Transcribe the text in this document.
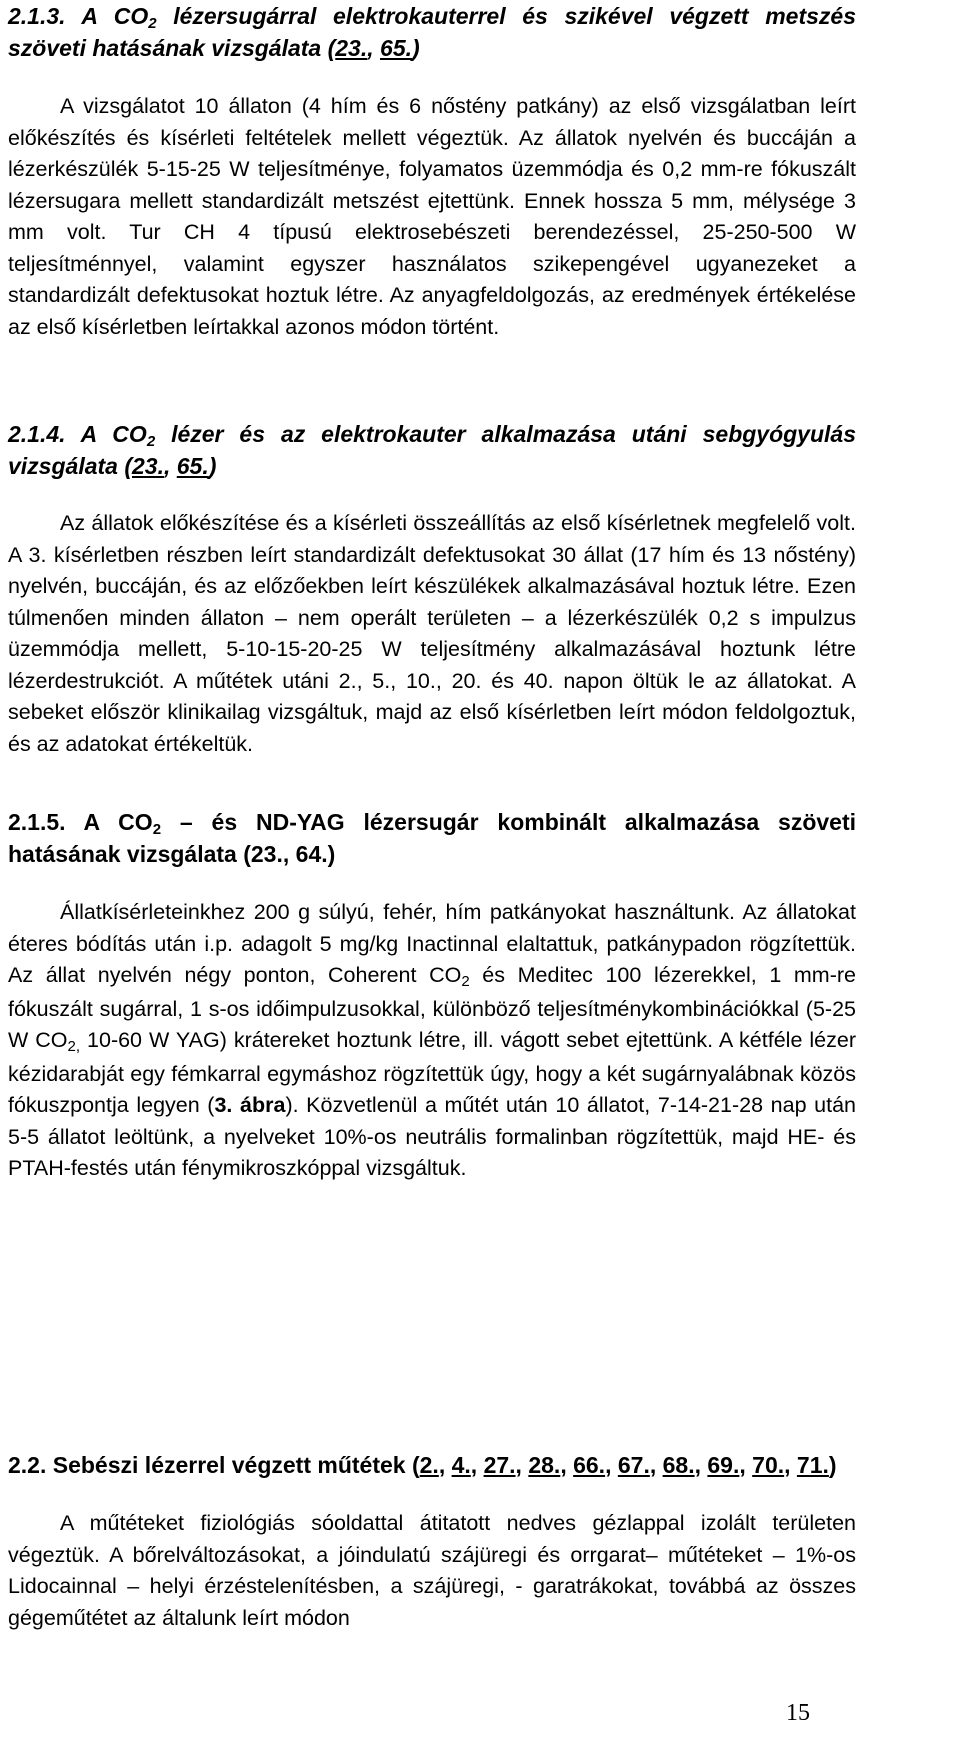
2.1.3. A CO2 lézersugárral elektrokauterrel és szikével végzett metszés szöveti hatásának vizsgálata (23., 65.)

A vizsgálatot 10 állaton (4 hím és 6 nőstény patkány) az első vizsgálatban leírt előkészítés és kísérleti feltételek mellett végeztük. Az állatok nyelvén és buccáján a lézerkészülék 5-15-25 W teljesítménye, folyamatos üzemmódja és 0,2 mm-re fókuszált lézersugara mellett standardizált metszést ejtettünk. Ennek hossza 5 mm, mélysége 3 mm volt. Tur CH 4 típusú elektrosebészeti berendezéssel, 25-250-500 W teljesítménnyel, valamint egyszer használatos szikepengével ugyanezeket a standardizált defektusokat hoztuk létre. Az anyagfeldolgozás, az eredmények értékelése az első kísérletben leírtakkal azonos módon történt.

2.1.4. A CO2 lézer és az elektrokauter alkalmazása utáni sebgyógyulás vizsgálata (23., 65.)

Az állatok előkészítése és a kísérleti összeállítás az első kísérletnek megfelelő volt. A 3. kísérletben részben leírt standardizált defektusokat 30 állat (17 hím és 13 nőstény) nyelvén, buccáján, és az előzőekben leírt készülékek alkalmazásával hoztuk létre. Ezen túlmenően minden állaton – nem operált területen – a lézerkészülék 0,2 s impulzus üzemmódja mellett, 5-10-15-20-25 W teljesítmény alkalmazásával hoztunk létre lézerdestrukciót. A műtétek utáni 2., 5., 10., 20. és 40. napon öltük le az állatokat. A sebeket először klinikailag vizsgáltuk, majd az első kísérletben leírt módon feldolgoztuk, és az adatokat értékeltük.

2.1.5. A CO2 – és ND-YAG lézersugár kombinált alkalmazása szöveti hatásának vizsgálata (23., 64.)

Állatkísérleteinkhez 200 g súlyú, fehér, hím patkányokat használtunk. Az állatokat éteres bódítás után i.p. adagolt 5 mg/kg Inactinnal elaltattuk, patkánypadon rögzítettük. Az állat nyelvén négy ponton, Coherent CO2 és Meditec 100 lézerekkel, 1 mm-re fókuszált sugárral, 1 s-os időimpulzusokkal, különböző teljesítménykombinációkkal (5-25 W CO2, 10-60 W YAG) krátereket hoztunk létre, ill. vágott sebet ejtettünk. A kétféle lézer kézidarabját egy fémkarral egymáshoz rögzítettük úgy, hogy a két sugárnyalábnak közös fókuszpontja legyen (3. ábra). Közvetlenül a műtét után 10 állatot, 7-14-21-28 nap után 5-5 állatot leöltünk, a nyelveket 10%-os neutrális formalinban rögzítettük, majd HE- és PTAH-festés után fénymikroszkóppal vizsgáltuk.

2.2. Sebészi lézerrel végzett műtétek (2., 4., 27., 28., 66., 67., 68., 69., 70., 71.)

A műtéteket fiziológiás sóoldattal átitatott nedves gézlappal izolált területen végeztük. A bőrelváltozásokat, a jóindulatú szájüregi és orrgarat– műtéteket – 1%-os Lidocainnal – helyi érzéstelenítésben, a szájüregi, - garatrákokat, továbbá az összes gégeműtétet az általunk leírt módon

15
